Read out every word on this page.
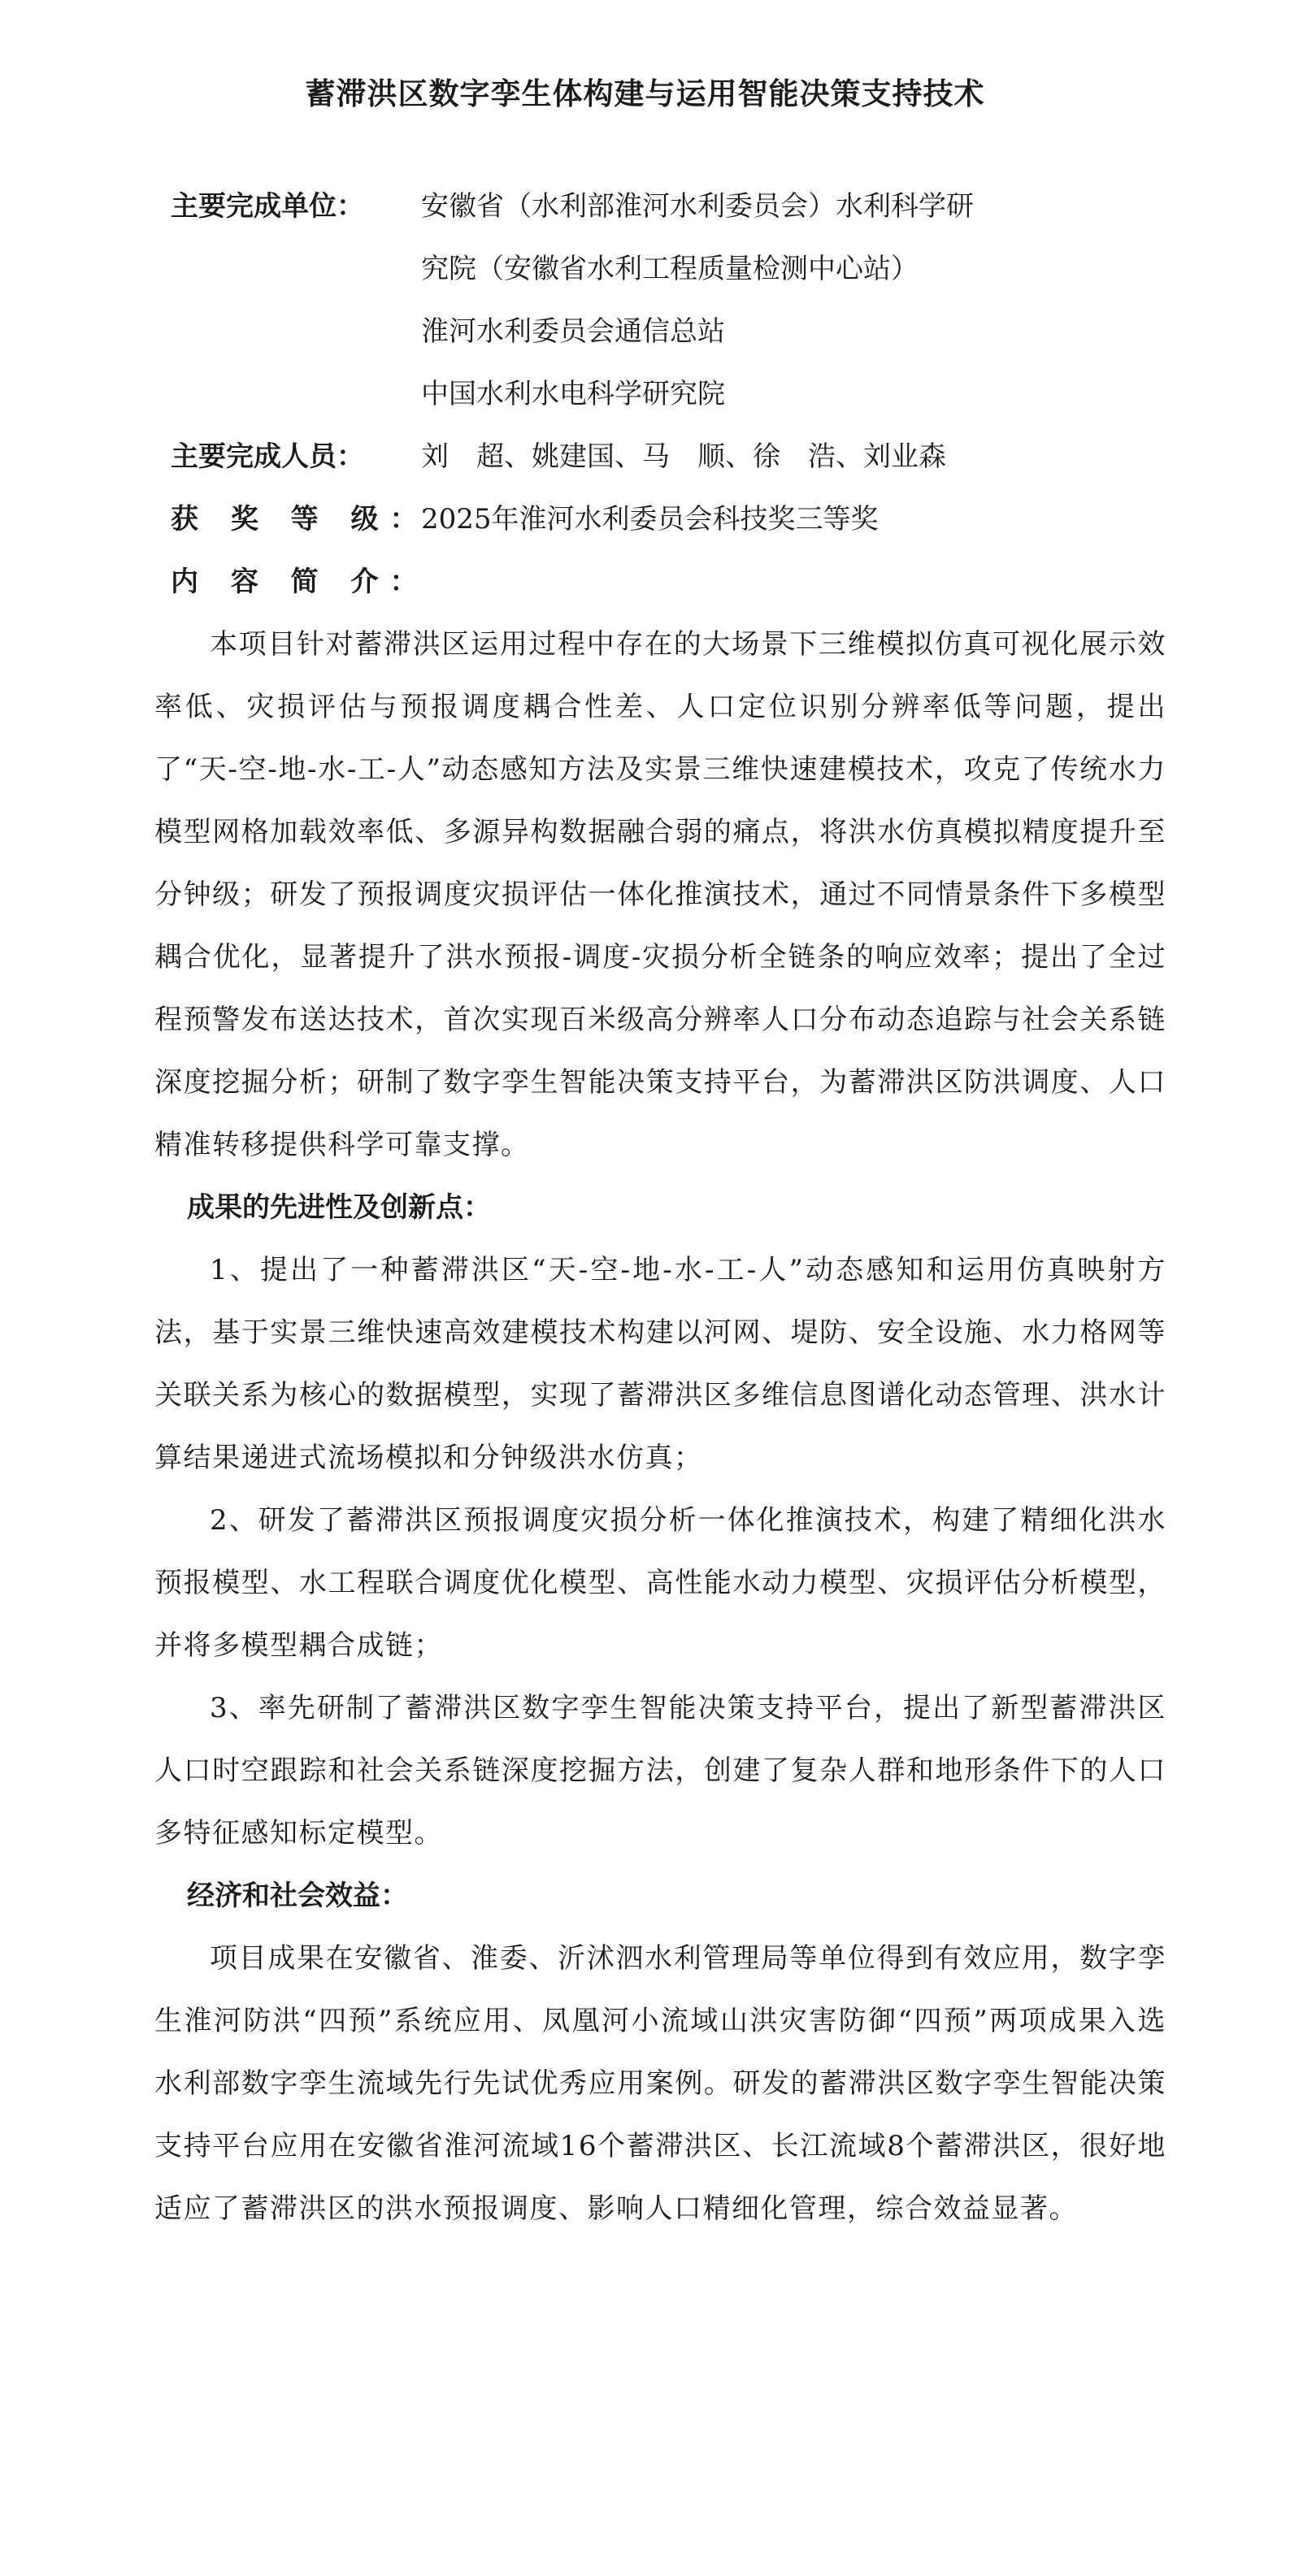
蓄滞洪区数字孪生体构建与运用智能决策支持技术
主要完成单位：	安徽省（水利部淮河水利委员会）水利科学研
究院（安徽省水利工程质量检测中心站）
淮河水利委员会通信总站
中国水利水电科学研究院
主要完成人员：	刘　超、姚建国、马　顺、徐　浩、刘业森
获 奖 等 级：
2025年淮河水利委员会科技奖三等奖
内 容 简 介：

本项目针对蓄滞洪区运用过程中存在的大场景下三维模拟仿真可视化展示效率低、灾损评估与预报调度耦合性差、人口定位识别分辨率低等问题，提出了“天-空-地-水-工-人”动态感知方法及实景三维快速建模技术，攻克了传统水力模型网格加载效率低、多源异构数据融合弱的痛点，将洪水仿真模拟精度提升至分钟级；研发了预报调度灾损评估一体化推演技术，通过不同情景条件下多模型耦合优化，显著提升了洪水预报-调度-灾损分析全链条的响应效率；提出了全过程预警发布送达技术，首次实现百米级高分辨率人口分布动态追踪与社会关系链深度挖掘分析；研制了数字孪生智能决策支持平台，为蓄滞洪区防洪调度、人口精准转移提供科学可靠支撑。

成果的先进性及创新点：

1、提出了一种蓄滞洪区“天-空-地-水-工-人”动态感知和运用仿真映射方法，基于实景三维快速高效建模技术构建以河网、堤防、安全设施、水力格网等关联关系为核心的数据模型，实现了蓄滞洪区多维信息图谱化动态管理、洪水计算结果递进式流场模拟和分钟级洪水仿真；

2、研发了蓄滞洪区预报调度灾损分析一体化推演技术，构建了精细化洪水预报模型、水工程联合调度优化模型、高性能水动力模型、灾损评估分析模型，并将多模型耦合成链；

3、率先研制了蓄滞洪区数字孪生智能决策支持平台，提出了新型蓄滞洪区人口时空跟踪和社会关系链深度挖掘方法，创建了复杂人群和地形条件下的人口多特征感知标定模型。

经济和社会效益：

项目成果在安徽省、淮委、沂沭泗水利管理局等单位得到有效应用，数字孪生淮河防洪“四预”系统应用、凤凰河小流域山洪灾害防御“四预”两项成果入选水利部数字孪生流域先行先试优秀应用案例。研发的蓄滞洪区数字孪生智能决策支持平台应用在安徽省淮河流域16个蓄滞洪区、长江流域8个蓄滞洪区，很好地适应了蓄滞洪区的洪水预报调度、影响人口精细化管理，综合效益显著。
